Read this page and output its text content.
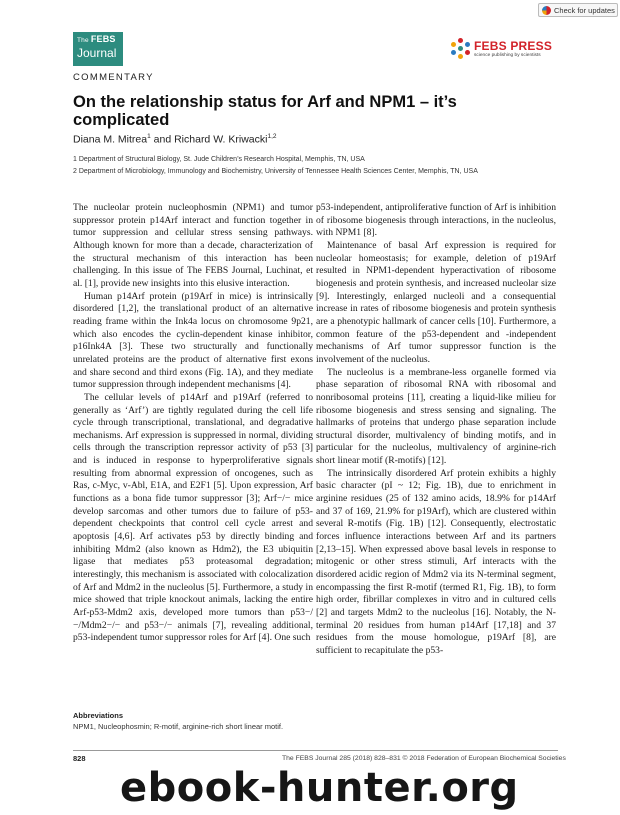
Check for updates
The FEBS
Journal
COMMENTARY
FEBS PRESS
science publishing by scientists
On the relationship status for Arf and NPM1 – it’s complicated
Diana M. Mitrea$^1$ and Richard W. Kriwacki$^{1,2}$
1 Department of Structural Biology, St. Jude Children’s Research Hospital, Memphis, TN, USA
2 Department of Microbiology, Immunology and Biochemistry, University of Tennessee Health Sciences Center, Memphis, TN, USA

The nucleolar protein nucleophosmin (NPM1) and tumor suppressor protein p14Arf interact and function together in tumor suppression and cellular stress sensing pathways. Although known for more than a decade, characterization of the structural mechanism of this interaction has been challenging. In this issue of The FEBS Journal, Luchinat, et al. [1], provide new insights into this elusive interaction.

Human p14Arf protein (p19Arf in mice) is intrinsically disordered [1,2], the translational product of an alternative reading frame within the Ink4a locus on chromosome 9p21, which also encodes the cyclin-dependent kinase inhibitor, p16Ink4A [3]. These two structurally and functionally unrelated proteins are the product of alternative first exons and share second and third exons (Fig. 1A), and they mediate tumor suppression through independent mechanisms [4].

The cellular levels of p14Arf and p19Arf (referred to generally as ‘Arf’) are tightly regulated during the cell life cycle through transcriptional, translational, and degradative mechanisms. Arf expression is suppressed in normal, dividing cells through the transcription repressor activity of p53 [3] and is induced in response to hyperproliferative signals resulting from abnormal expression of oncogenes, such as Ras, c-Myc, v-Abl, E1A, and E2F1 [5]. Upon expression, Arf functions as a bona fide tumor suppressor [3]; Arf−/− mice develop sarcomas and other tumors due to failure of p53-dependent checkpoints that control cell cycle arrest and apoptosis [4,6]. Arf activates p53 by directly binding and inhibiting Mdm2 (also known as Hdm2), the E3 ubiquitin ligase that mediates p53 proteasomal degradation; interestingly, this mechanism is associated with colocalization of Arf and Mdm2 in the nucleolus [5]. Furthermore, a study in mice showed that triple knockout animals, lacking the entire Arf-p53-Mdm2 axis, developed more tumors than p53−/−/Mdm2−/− and p53−/− animals [7], revealing additional, p53-independent tumor suppressor roles for Arf [4]. One such

p53-independent, antiproliferative function of Arf is inhibition of ribosome biogenesis through interactions, in the nucleolus, with NPM1 [8].

Maintenance of basal Arf expression is required for nucleolar homeostasis; for example, deletion of p19Arf resulted in NPM1-dependent hyperactivation of ribosome biogenesis and protein synthesis, and increased nucleolar size [9]. Interestingly, enlarged nucleoli and a consequential increase in rates of ribosome biogenesis and protein synthesis are a phenotypic hallmark of cancer cells [10]. Furthermore, a common feature of the p53-dependent and -independent mechanisms of Arf tumor suppressor function is the involvement of the nucleolus.

The nucleolus is a membrane-less organelle formed via phase separation of ribosomal RNA with ribosomal and nonribosomal proteins [11], creating a liquid-like milieu for ribosome biogenesis and stress sensing and signaling. The hallmarks of proteins that undergo phase separation include structural disorder, multivalency of binding motifs, and in particular for the nucleolus, multivalency of arginine-rich short linear motif (R-motifs) [12].

The intrinsically disordered Arf protein exhibits a highly basic character (pI ~ 12; Fig. 1B), due to enrichment in arginine residues (25 of 132 amino acids, 18.9% for p14Arf and 37 of 169, 21.9% for p19Arf), which are clustered within several R-motifs (Fig. 1B) [12]. Consequently, electrostatic forces influence interactions between Arf and its partners [2,13–15]. When expressed above basal levels in response to mitogenic or other stress stimuli, Arf interacts with the disordered acidic region of Mdm2 via its N-terminal segment, encompassing the first R-motif (termed R1, Fig. 1B), to form high order, fibrillar complexes in vitro and in cultured cells [2] and targets Mdm2 to the nucleolus [16]. Notably, the N-terminal 20 residues from human p14Arf [17,18] and 37 residues from the mouse homologue, p19Arf [8], are sufficient to recapitulate the p53-

Abbreviations
NPM1, Nucleophosmin; R-motif, arginine-rich short linear motif.
828	The FEBS Journal 285 (2018) 828–831 © 2018 Federation of European Biochemical Societies
ebook-hunter.org
